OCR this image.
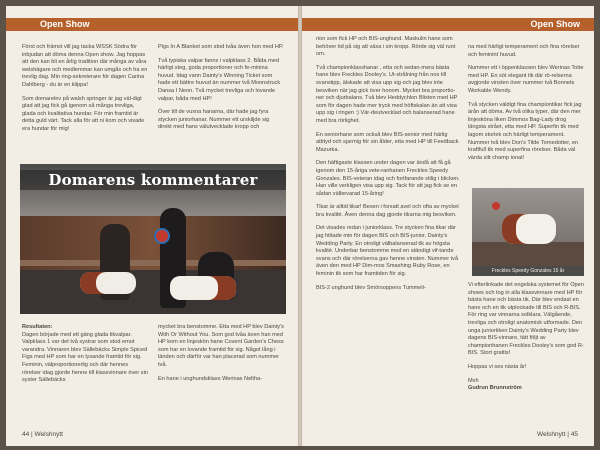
Open Show

Först och främst vill jag tacka WSSK Södra för inbjudan att döma denna Open show. Jag hoppas att den kan bli en årlig tradition där många av våra welshägare och medlemmar kan umgås och ha en trevlig dag. Min ring-sekreterare för dagen Carina Dahlberg - du är en klippa!

Som domarelev på walsh springer är jag väl-digt glad att jag fick gå igenom så många trevliga, glada och kvalitativa hundar. För min framtid är detta guld värt. Tack alla för att ni kom och visade era hundar för mig!

Pigs In A Blanket som stod tvåa även hon med HP.

Två typiska valpar fanns i valpklass 2. Båda med härligt steg, goda proportioner och fe-minina huvud. Idag vann Dainty's Winning Ticket som hade ett bättre huvud än nummer två Moonstruck Dansa I Neon. Två mycket trevliga och lovande valpar, båda med HP!

Över till de vuxna hanarna, där hade jag fyra stycken juniorhanar. Nummer ett urskiljde sig direkt med hans välutvecklade kropp och

Domarens kommentarer

Resultaten:

Dagen började med ett gäng glada tikvalpar. Valpklass 1 var det två systrar som stod emot varandra. Vinnaren blev Sällebäcks Simple Spiced Figs med HP som har en lysande framtid för sig. Feminin, välproportionerlig och där hennes rörelser idag gjorde henne till klassvinnare över sin syster Sällebäcks

mycket bra benstomme. Etta med HP blev Dainty's With Or Without You. Som god tvåa även han med HP kom en linjeskön hane Covent Garden's Chess som har en lovande framtid för sig. Något lång i länden och därför var han placerad som nummer två.

En hane i unghundsklass Werinas Neltha-

44 | Welshnytt
Open Show

rion som fick HP och BIS-unghund. Maskulin hane som behöver tid på sig att växa i sin kropp. Rörde sig väl runt om.

Två championklasshanar , etta och sedan-mera bästa hane blev Freckles Dooley's. Ut-strålning från nos till svanstipp, älskade att visa upp sig och jag blev inte besviken när jag gick över honom. Mycket bra proportio-ner och djurbalans. Två blev Heddychlon Blixten med HP som för dagen hade mer tryck med höftskalan än att visa upp sig i ringen :) Vär-deutvecklad och balanserad hane med bra rörlighet.

En seniorhane som också blev BIS-senior med härlig attityd och sjarmig för sin ålder, etta med HP till Feedback Mazurka.

Den häftigaste klassen under dagen var ändå att få gå igenom den 15-åriga vete-ranhanen Freckles Speedy Gonzales. BIS-veteran idag och fortfarande stilig i blicken. Han ville verkligen visa upp sig. Tack för att jag fick se en sådan välbevarad 15-åring!

Tikar är alltid tikar! Besen i forsatt avel och ofta av mycket bra kvalité. Även denna dag gjorde tikarna mig besviken.

Det visades redan i juniorklass. Tre stycken fina tikar där jag hittade min för dagen BIS och BIS-junior, Dainty's Wedding Party. En otroligt välbalanserad tik av högsta kvalité. Underbar benstomme med en ständigt vif-tande svans och där rörelserna gav henne vinsten. Nummer två även den med HP Dim-mos Smashing Ruby Rose, en feminin tik som har framtiden för sig.

BIS-2 unghund blev Smörsoppens Tummeli-

na med härligt temperament och fina rörelser och feminint huvud.

Nummer ett i öppenklassen blev Werinas Totte med HP. En söt elegant tik där rö-relserna avgjorde vinsten över nummer två Bonnets Workable Wendy.

Två stycken väldigt fina championtikar fick jag ärån att döma. Av två olika typer, där den mer linjesköna liken Dimmos Bag-Lady drog längsta strået, etta med HP. Superfin tik med lagom storlek och härligt temperament. Nummer två blev Don's Tilde Tornedotter, en kraftfull tik med superfina rörelser. Båda väl värda sitt champ ionat!

Freckles Speedy Gonzales 15 år

Vi efterlinkade det engelska systemet för Open shows och tog in alla klassvinnare med HP för bästa hane och bästa tik. Där blev endast en hane och en tik utplockade till BIS och R-BIS. För ring var vinnarna solklara. Välgående, trevliga och otroligt anatomisk utformade. Den unga juniortiken Dainty's Wedding Party blev dagens BIS-vinnare, tätt följt av championhanen Freckles Dooley's som god R-BIS. Stort grattis!

Hoppas vi ses nästa år!

Mvh

Gudrun Brunnström

Welshnytt | 45
